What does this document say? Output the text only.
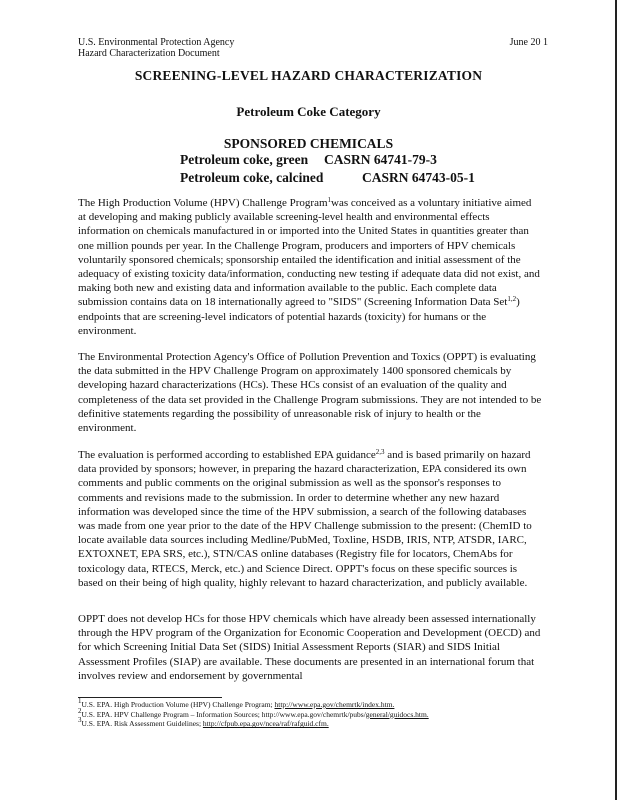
U.S. Environmental Protection Agency
Hazard Characterization Document
June 20 1
SCREENING-LEVEL HAZARD CHARACTERIZATION
Petroleum Coke Category
SPONSORED CHEMICALS
Petroleum coke, green CASRN 64741-79-3
Petroleum coke, calcined	CASRN 64743-05-1

The High Production Volume (HPV) Challenge Program$^1$was conceived as a voluntary initiative aimed at developing and making publicly available screening-level health and environmental effects information on chemicals manufactured in or imported into the United States in quantities greater than one million pounds per year. In the Challenge Program, producers and importers of HPV chemicals voluntarily sponsored chemicals; sponsorship entailed the identification and initial assessment of the adequacy of existing toxicity data/information, conducting new testing if adequate data did not exist, and making both new and existing data and information available to the public. Each complete data submission contains data on 18 internationally agreed to "SIDS" (Screening Information Data Set$^{1,2}$) endpoints that are screening-level indicators of potential hazards (toxicity) for humans or the environment.

The Environmental Protection Agency's Office of Pollution Prevention and Toxics (OPPT) is evaluating the data submitted in the HPV Challenge Program on approximately 1400 sponsored chemicals by developing hazard characterizations (HCs). These HCs consist of an evaluation of the quality and completeness of the data set provided in the Challenge Program submissions. They are not intended to be definitive statements regarding the possibility of unreasonable risk of injury to health or the environment.

The evaluation is performed according to established EPA guidance$^{2,3}$ and is based primarily on hazard data provided by sponsors; however, in preparing the hazard characterization, EPA considered its own comments and public comments on the original submission as well as the sponsor's responses to comments and revisions made to the submission. In order to determine whether any new hazard information was developed since the time of the HPV submission, a search of the following databases was made from one year prior to the date of the HPV Challenge submission to the present: (ChemID to locate available data sources including Medline/PubMed, Toxline, HSDB, IRIS, NTP, ATSDR, IARC, EXTOXNET, EPA SRS, etc.), STN/CAS online databases (Registry file for locators, ChemAbs for toxicology data, RTECS, Merck, etc.) and Science Direct. OPPT's focus on these specific sources is based on their being of high quality, highly relevant to hazard characterization, and publicly available.

OPPT does not develop HCs for those HPV chemicals which have already been assessed internationally through the HPV program of the Organization for Economic Cooperation and Development (OECD) and for which Screening Initial Data Set (SIDS) Initial Assessment Reports (SIAR) and SIDS Initial Assessment Profiles (SIAP) are available. These documents are presented in an international forum that involves review and endorsement by governmental

$^1$U.S. EPA. High Production Volume (HPV) Challenge Program; http://www.epa.gov/chemrtk/index.htm.
$^2$U.S. EPA. HPV Challenge Program – Information Sources; http://www.epa.gov/chemrtk/pubs/general/guidocs.htm.
$^3$U.S. EPA. Risk Assessment Guidelines; http://cfpub.epa.gov/ncea/raf/rafguid.cfm.
